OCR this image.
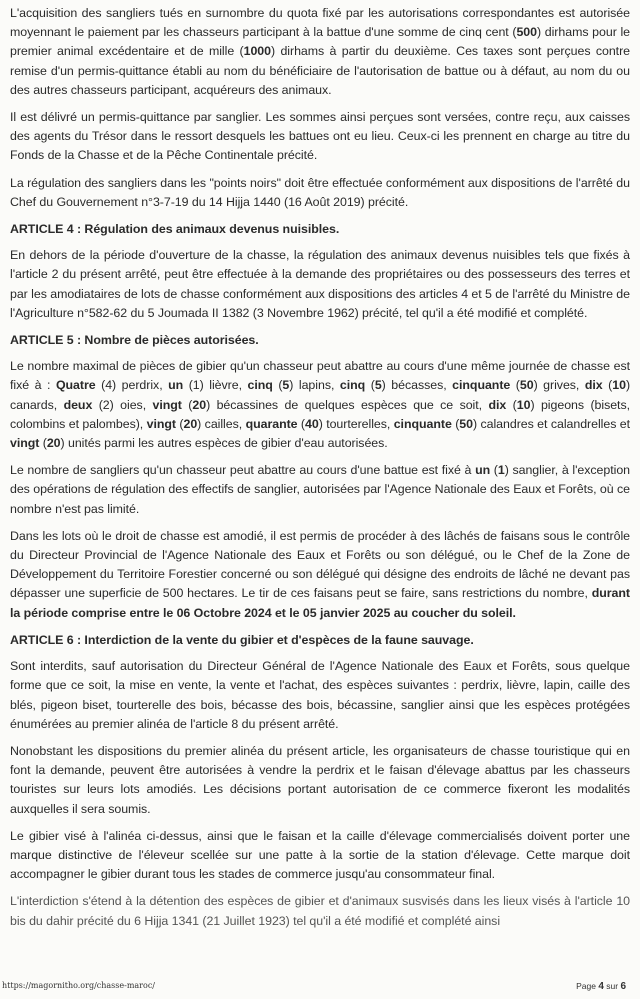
L'acquisition des sangliers tués en surnombre du quota fixé par les autorisations correspondantes est autorisée moyennant le paiement par les chasseurs participant à la battue d'une somme de cinq cent (500) dirhams pour le premier animal excédentaire et de mille (1000) dirhams à partir du deuxième. Ces taxes sont perçues contre remise d'un permis-quittance établi au nom du bénéficiaire de l'autorisation de battue ou à défaut, au nom du ou des autres chasseurs participant, acquéreurs des animaux.

Il est délivré un permis-quittance par sanglier. Les sommes ainsi perçues sont versées, contre reçu, aux caisses des agents du Trésor dans le ressort desquels les battues ont eu lieu. Ceux-ci les prennent en charge au titre du Fonds de la Chasse et de la Pêche Continentale précité.

La régulation des sangliers dans les "points noirs" doit être effectuée conformément aux dispositions de l'arrêté du Chef du Gouvernement n°3-7-19 du 14 Hijja 1440 (16 Août 2019) précité.

ARTICLE 4 : Régulation des animaux devenus nuisibles.

En dehors de la période d'ouverture de la chasse, la régulation des animaux devenus nuisibles tels que fixés à l'article 2 du présent arrêté, peut être effectuée à la demande des propriétaires ou des possesseurs des terres et par les amodiataires de lots de chasse conformément aux dispositions des articles 4 et 5 de l'arrêté du Ministre de l'Agriculture n°582-62 du 5 Joumada II 1382 (3 Novembre 1962) précité, tel qu'il a été modifié et complété.

ARTICLE 5 : Nombre de pièces autorisées.

Le nombre maximal de pièces de gibier qu'un chasseur peut abattre au cours d'une même journée de chasse est fixé à : Quatre (4) perdrix, un (1) lièvre, cinq (5) lapins, cinq (5) bécasses, cinquante (50) grives, dix (10) canards, deux (2) oies, vingt (20) bécassines de quelques espèces que ce soit, dix (10) pigeons (bisets, colombins et palombes), vingt (20) cailles, quarante (40) tourterelles, cinquante (50) calandres et calandrelles et vingt (20) unités parmi les autres espèces de gibier d'eau autorisées.

Le nombre de sangliers qu'un chasseur peut abattre au cours d'une battue est fixé à un (1) sanglier, à l'exception des opérations de régulation des effectifs de sanglier, autorisées par l'Agence Nationale des Eaux et Forêts, où ce nombre n'est pas limité.

Dans les lots où le droit de chasse est amodié, il est permis de procéder à des lâchés de faisans sous le contrôle du Directeur Provincial de l'Agence Nationale des Eaux et Forêts ou son délégué, ou le Chef de la Zone de Développement du Territoire Forestier concerné ou son délégué qui désigne des endroits de lâché ne devant pas dépasser une superficie de 500 hectares. Le tir de ces faisans peut se faire, sans restrictions du nombre, durant la période comprise entre le 06 Octobre 2024 et le 05 janvier 2025 au coucher du soleil.

ARTICLE 6 : Interdiction de la vente du gibier et d'espèces de la faune sauvage.

Sont interdits, sauf autorisation du Directeur Général de l'Agence Nationale des Eaux et Forêts, sous quelque forme que ce soit, la mise en vente, la vente et l'achat, des espèces suivantes : perdrix, lièvre, lapin, caille des blés, pigeon biset, tourterelle des bois, bécasse des bois, bécassine, sanglier ainsi que les espèces protégées énumérées au premier alinéa de l'article 8 du présent arrêté.

Nonobstant les dispositions du premier alinéa du présent article, les organisateurs de chasse touristique qui en font la demande, peuvent être autorisées à vendre la perdrix et le faisan d'élevage abattus par les chasseurs touristes sur leurs lots amodiés. Les décisions portant autorisation de ce commerce fixeront les modalités auxquelles il sera soumis.

Le gibier visé à l'alinéa ci-dessus, ainsi que le faisan et la caille d'élevage commercialisés doivent porter une marque distinctive de l'éleveur scellée sur une patte à la sortie de la station d'élevage. Cette marque doit accompagner le gibier durant tous les stades de commerce jusqu'au consommateur final.

L'interdiction s'étend à la détention des espèces de gibier et d'animaux susvisés dans les lieux visés à l'article 10 bis du dahir précité du 6 Hijja 1341 (21 Juillet 1923) tel qu'il a été modifié et complété ainsi

https://magornitho.org/chasse-maroc/	Page 4 sur 6
